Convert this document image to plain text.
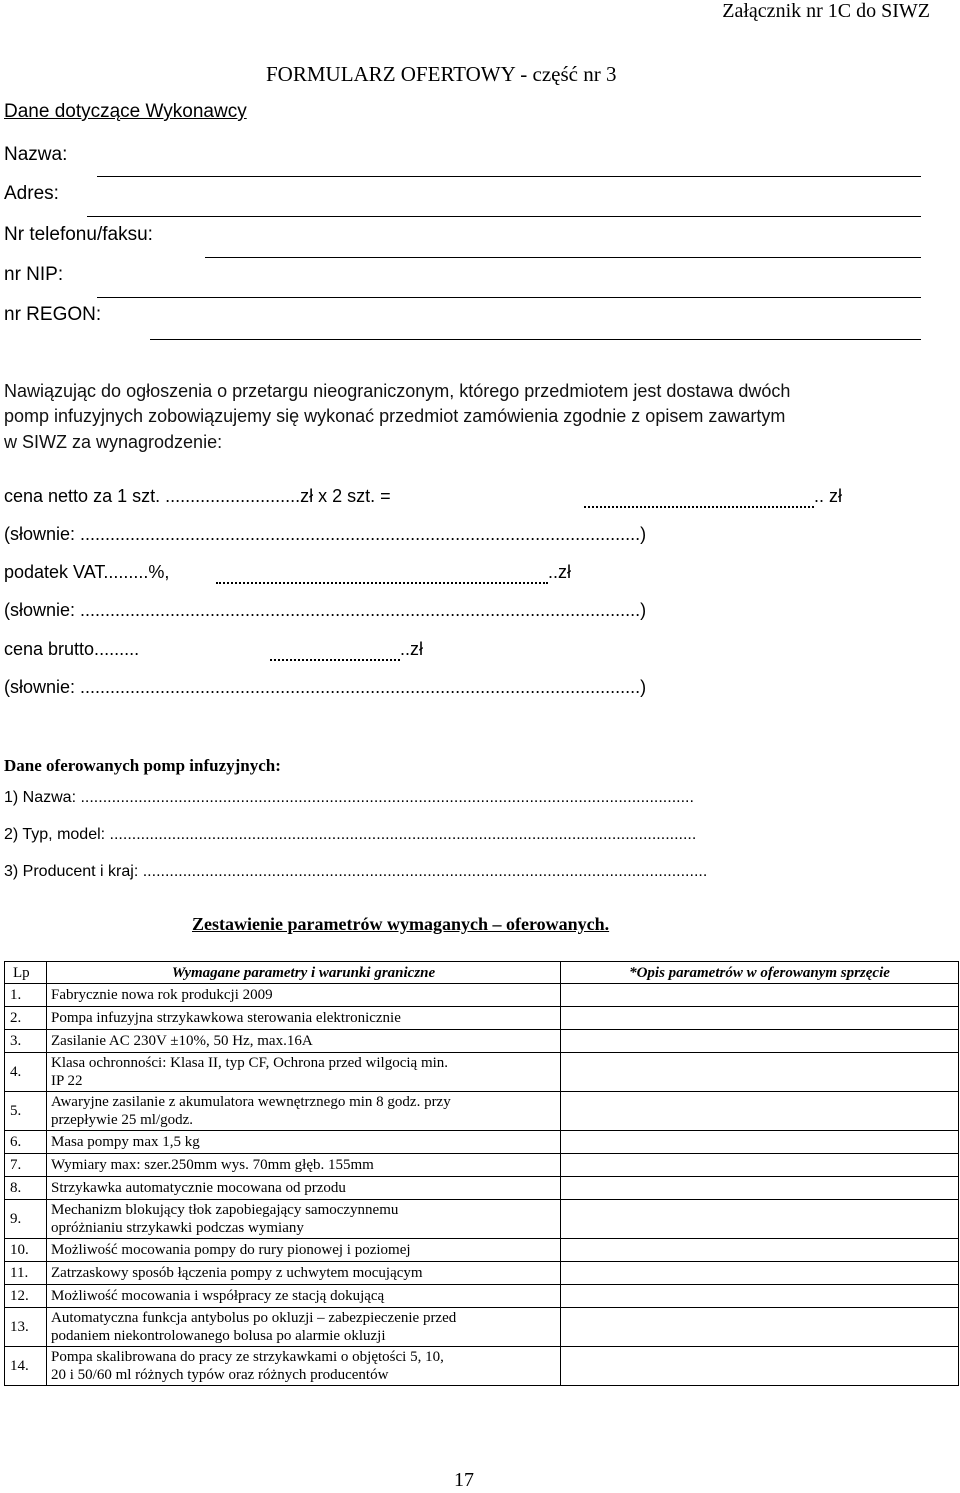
Załącznik nr 1C do SIWZ
FORMULARZ OFERTOWY - część nr 3
Dane dotyczące Wykonawcy
Nazwa:
Adres:
Nr telefonu/faksu:
nr NIP:
nr REGON:
Nawiązując do ogłoszenia o przetargu nieograniczonym, którego przedmiotem jest dostawa dwóch
pomp infuzyjnych zobowiązujemy się wykonać przedmiot zamówienia zgodnie z opisem zawartym
w SIWZ za wynagrodzenie:
cena netto za 1 szt. ...........................zł x 2 szt. =	.. zł
(słownie: ................................................................................................................)
podatek VAT.........%,	..zł
(słownie: ................................................................................................................)
cena brutto.........	..zł
(słownie: ................................................................................................................)
Dane oferowanych pomp infuzyjnych:
1) Nazwa: ..........................................................................................................................................
2) Typ, model: ....................................................................................................................................
3) Producent i kraj: ...............................................................................................................................
Zestawienie parametrów wymaganych – oferowanych.
Lp	Wymagane parametry i warunki graniczne	*Opis parametrów w oferowanym sprzęcie
1.	Fabrycznie nowa rok produkcji 2009	

2.	Pompa infuzyjna strzykawkowa sterowania elektronicznie	

3.	Zasilanie AC 230V ±10%, 50 Hz, max.16A	

4.	Klasa ochronności: Klasa II, typ CF, Ochrona przed wilgocią min.
IP 22	

5.	Awaryjne zasilanie z akumulatora wewnętrznego min 8 godz. przy
przepływie 25 ml/godz.	

6.	Masa pompy max 1,5 kg	

7.	Wymiary max: szer.250mm wys. 70mm głęb. 155mm	

8.	Strzykawka automatycznie mocowana od przodu	

9.	Mechanizm blokujący tłok zapobiegający samoczynnemu
opróżnianiu strzykawki podczas wymiany	

10.	Możliwość mocowania pompy do rury pionowej i poziomej	

11.	Zatrzaskowy sposób łączenia pompy z uchwytem mocującym	

12.	Możliwość mocowania i współpracy ze stacją dokującą	

13.	Automatyczna funkcja antybolus po okluzji – zabezpieczenie przed
podaniem niekontrolowanego bolusa po alarmie okluzji	

14.	Pompa skalibrowana do pracy ze strzykawkami o objętości 5, 10,
20 i 50/60 ml różnych typów oraz różnych producentów	

17
